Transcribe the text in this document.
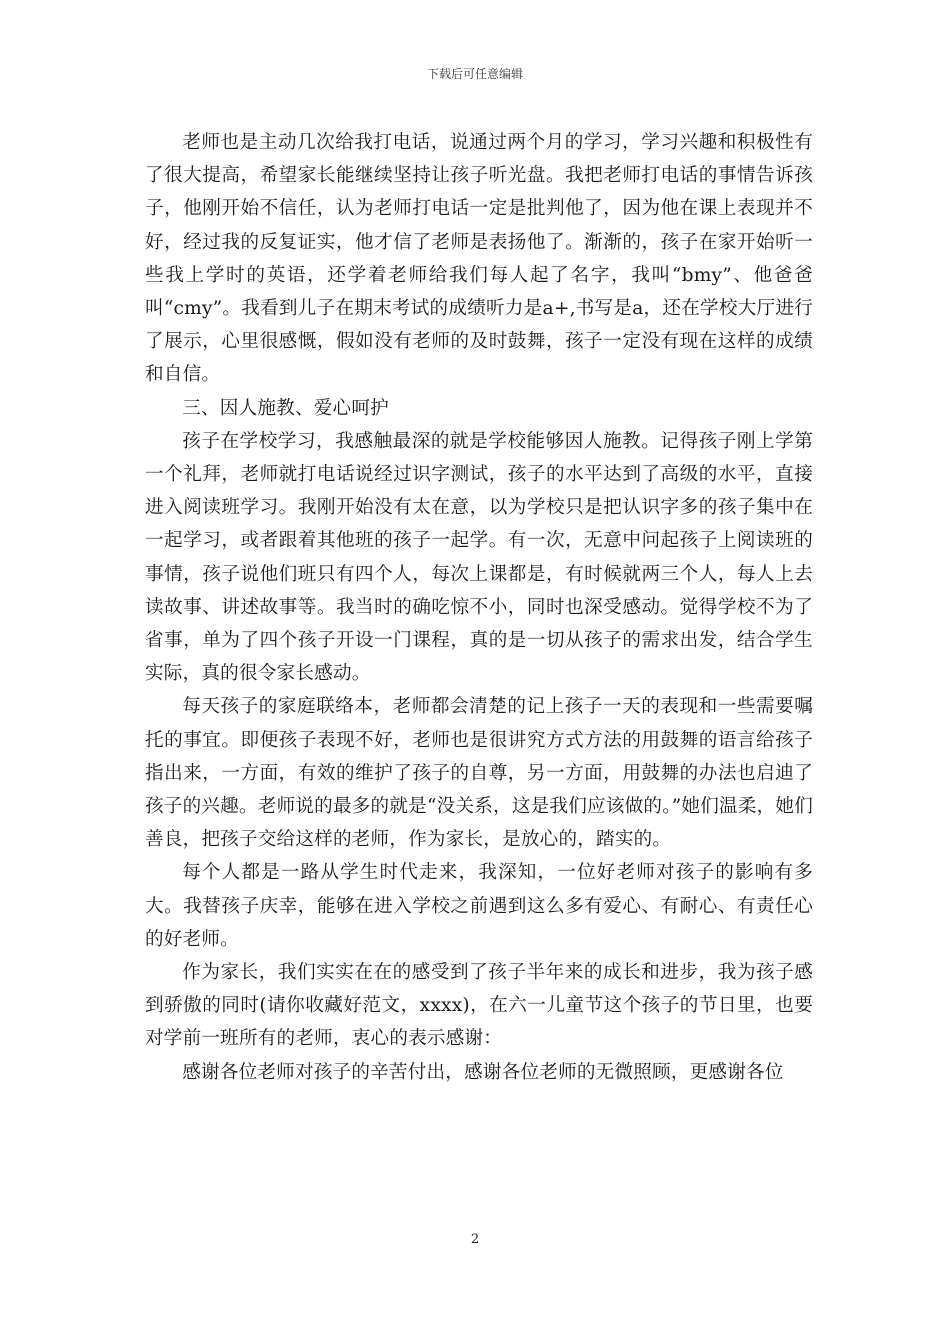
下载后可任意编辑

老师也是主动几次给我打电话，说通过两个月的学习，学习兴趣和积极性有了很大提高，希望家长能继续坚持让孩子听光盘。我把老师打电话的事情告诉孩子，他刚开始不信任，认为老师打电话一定是批判他了，因为他在课上表现并不好，经过我的反复证实，他才信了老师是表扬他了。渐渐的，孩子在家开始听一些我上学时的英语，还学着老师给我们每人起了名字，我叫“bmy”、他爸爸叫“cmy”。我看到儿子在期末考试的成绩听力是a+,书写是a，还在学校大厅进行了展示，心里很感慨，假如没有老师的及时鼓舞，孩子一定没有现在这样的成绩和自信。

三、因人施教、爱心呵护

孩子在学校学习，我感触最深的就是学校能够因人施教。记得孩子刚上学第一个礼拜，老师就打电话说经过识字测试，孩子的水平达到了高级的水平，直接进入阅读班学习。我刚开始没有太在意，以为学校只是把认识字多的孩子集中在一起学习，或者跟着其他班的孩子一起学。有一次，无意中问起孩子上阅读班的事情，孩子说他们班只有四个人，每次上课都是，有时候就两三个人，每人上去读故事、讲述故事等。我当时的确吃惊不小，同时也深受感动。觉得学校不为了省事，单为了四个孩子开设一门课程，真的是一切从孩子的需求出发，结合学生实际，真的很令家长感动。

每天孩子的家庭联络本，老师都会清楚的记上孩子一天的表现和一些需要嘱托的事宜。即便孩子表现不好，老师也是很讲究方式方法的用鼓舞的语言给孩子指出来，一方面，有效的维护了孩子的自尊，另一方面，用鼓舞的办法也启迪了孩子的兴趣。老师说的最多的就是“没关系，这是我们应该做的。”她们温柔，她们善良，把孩子交给这样的老师，作为家长，是放心的，踏实的。

每个人都是一路从学生时代走来，我深知，一位好老师对孩子的影响有多大。我替孩子庆幸，能够在进入学校之前遇到这么多有爱心、有耐心、有责任心的好老师。

作为家长，我们实实在在的感受到了孩子半年来的成长和进步，我为孩子感到骄傲的同时(请你收藏好范文，xxxx)，在六一儿童节这个孩子的节日里，也要对学前一班所有的老师，衷心的表示感谢：

感谢各位老师对孩子的辛苦付出，感谢各位老师的无微照顾，更感谢各位

2
